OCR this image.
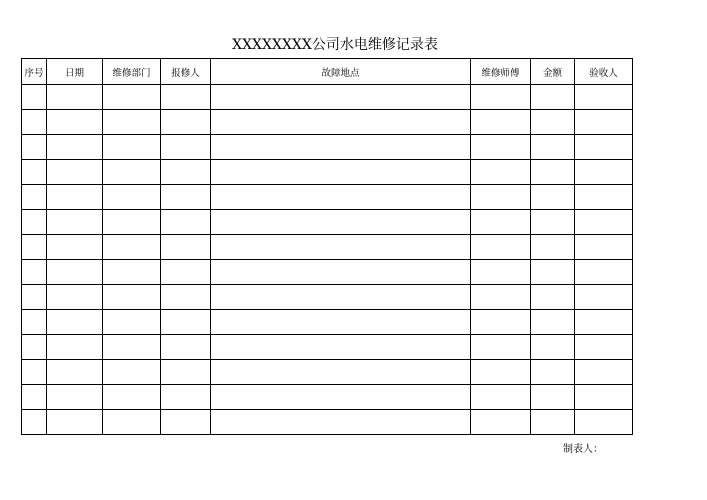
XXXXXXXX公司水电维修记录表
序号	日期	维修部门	报修人	故障地点	维修师傅	金额	验收人

制表人：
